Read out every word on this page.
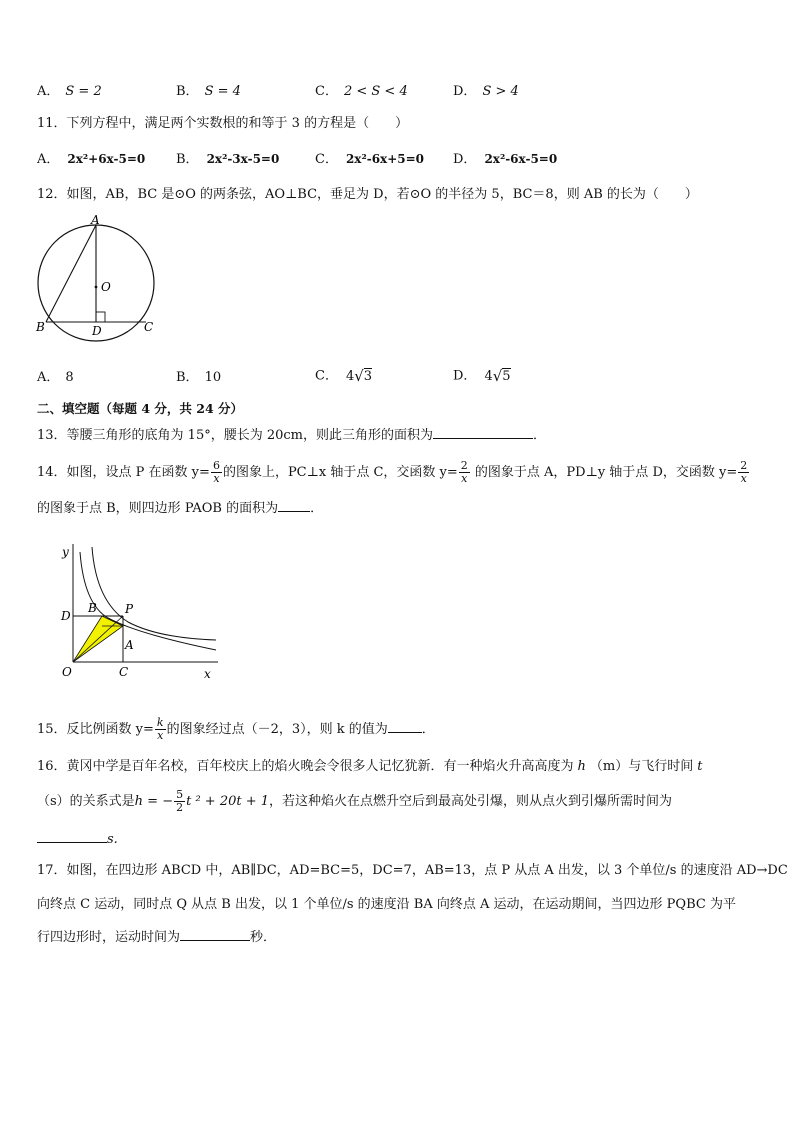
A． S = 2	B． S = 4	C． 2 < S < 4	D． S > 4
11．下列方程中，满足两个实数根的和等于 3 的方程是（　　）
A． 2x²+6x-5=0 B． 2x²-3x-5=0	C． 2x²-6x+5=0 D． 2x²-6x-5=0
12．如图，AB，BC 是⊙O 的两条弦，AO⊥BC，垂足为 D，若⊙O 的半径为 5，BC＝8，则 AB 的长为（　　）
A
O
B	D	C
A． 8	B． 10	C． 4√3	D． 4√5
二、填空题（每题 4 分，共 24 分）
13．等腰三角形的底角为 15°，腰长为 20cm，则此三角形的面积为	．
14．如图，设点 P 在函数 $y= \frac{6}{x}$ 的图象上，PC⊥x 轴于点 C，交函数 $y= \frac{2}{x}$ 的图象于点 A，PD⊥y 轴于点 D，交函数 $y= \frac{2}{x}$
的图象于点 B，则四边形 PAOB 的面积为 ．
y
x
O	C
D
B P
A
15．反比例函数 $y= \frac{k}{x}$ 的图象经过点（－2，3），则 k 的值为	．
16．黄冈中学是百年名校，百年校庆上的焰火晚会令很多人记忆犹新．有一种焰火升高高度为 h （m）与飞行时间 t
（s）的关系式是h = − $\frac{5}{2}$ t ² + 20t + 1，若这种焰火在点燃升空后到最高处引爆，则从点火到引爆所需时间为
s.
17．如图，在四边形 ABCD 中，AB∥DC，AD=BC=5，DC=7，AB=13，点 P 从点 A 出发，以 3 个单位/s 的速度沿 AD→DC
向终点 C 运动，同时点 Q 从点 B 出发，以 1 个单位/s 的速度沿 BA 向终点 A 运动，在运动期间，当四边形 PQBC 为平
行四边形时，运动时间为	秒．
